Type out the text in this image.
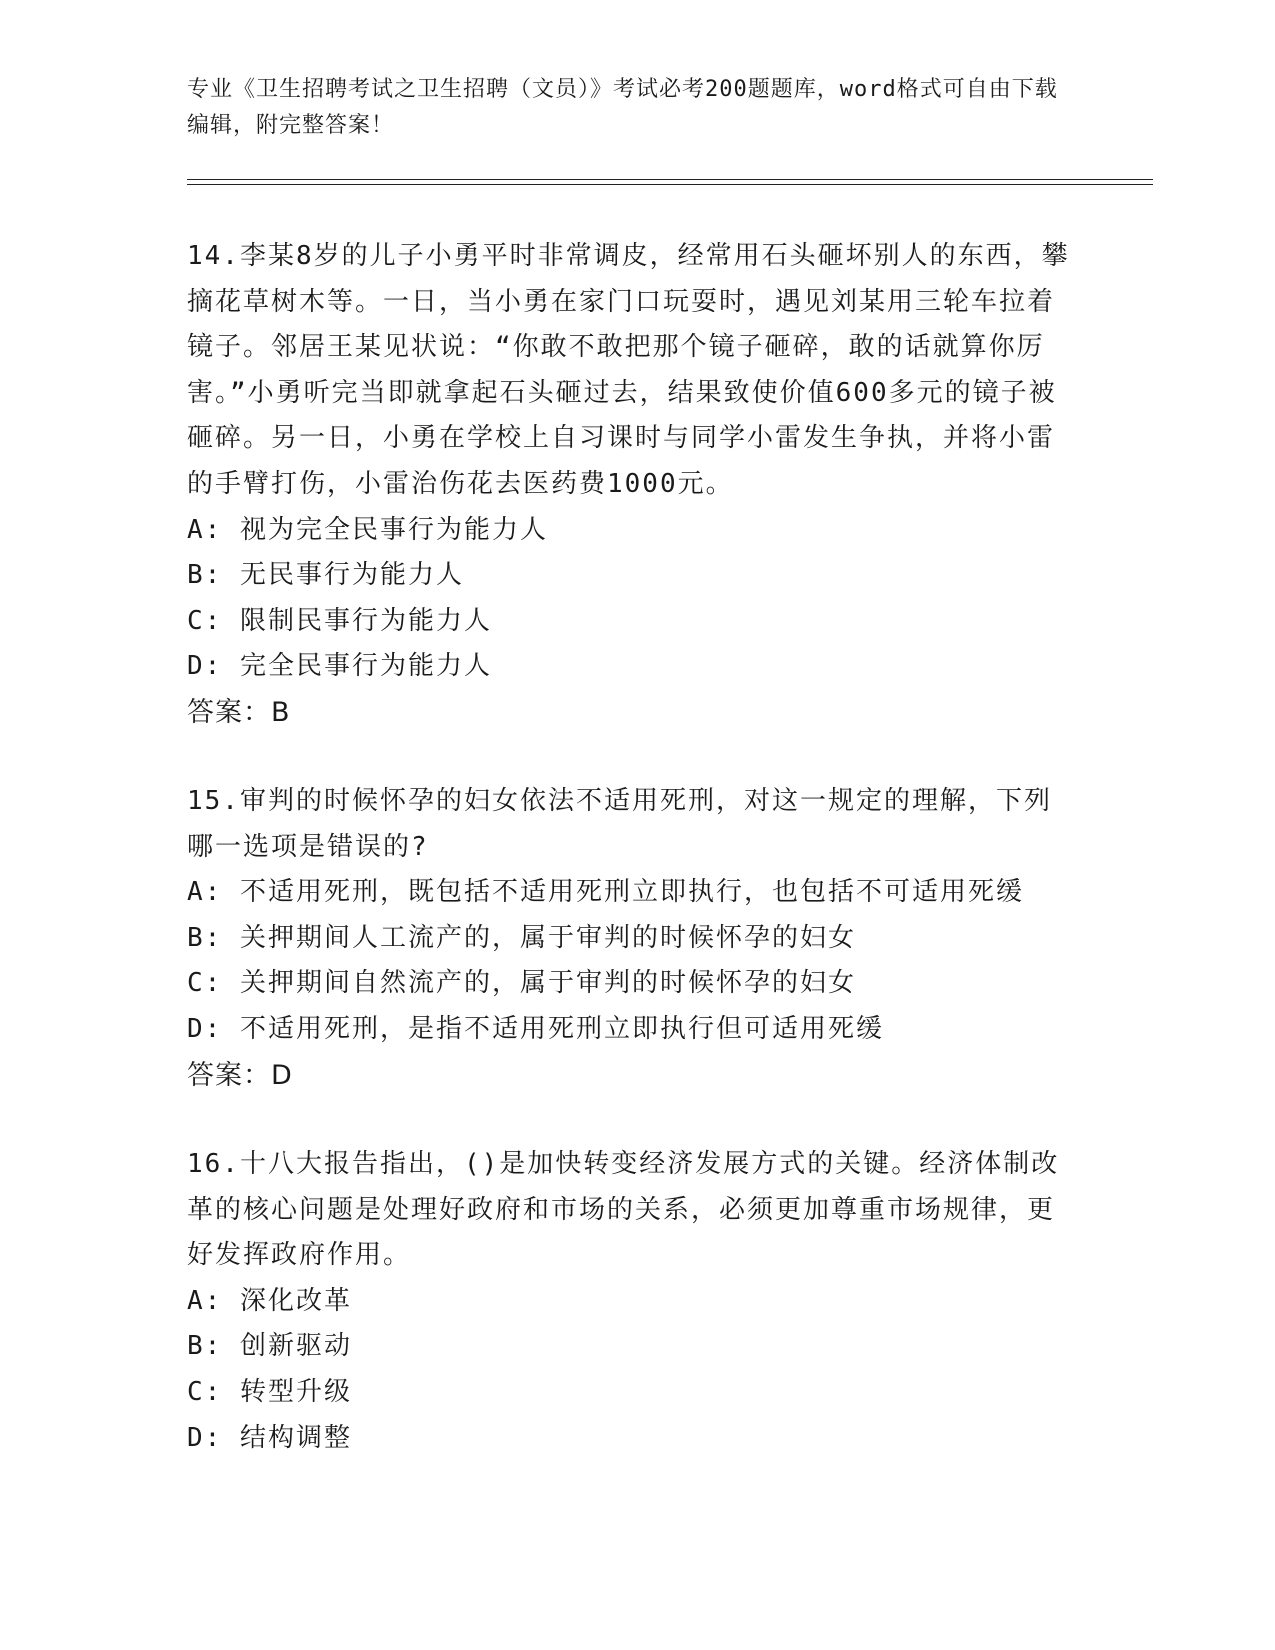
专业《卫生招聘考试之卫生招聘（文员）》考试必考200题题库，word格式可自由下载编辑，附完整答案！

14.李某8岁的儿子小勇平时非常调皮，经常用石头砸坏别人的东西，攀摘花草树木等。一日，当小勇在家门口玩耍时，遇见刘某用三轮车拉着镜子。邻居王某见状说：“你敢不敢把那个镜子砸碎，敢的话就算你厉害。”小勇听完当即就拿起石头砸过去，结果致使价值600多元的镜子被砸碎。另一日，小勇在学校上自习课时与同学小雷发生争执，并将小雷的手臂打伤，小雷治伤花去医药费1000元。

A: 视为完全民事行为能力人

B: 无民事行为能力人

C: 限制民事行为能力人

D: 完全民事行为能力人

答案：B

15.审判的时候怀孕的妇女依法不适用死刑，对这一规定的理解，下列哪一选项是错误的?

A: 不适用死刑，既包括不适用死刑立即执行，也包括不可适用死缓

B: 关押期间人工流产的，属于审判的时候怀孕的妇女

C: 关押期间自然流产的，属于审判的时候怀孕的妇女

D: 不适用死刑，是指不适用死刑立即执行但可适用死缓

答案：D

16.十八大报告指出，()是加快转变经济发展方式的关键。经济体制改革的核心问题是处理好政府和市场的关系，必须更加尊重市场规律，更好发挥政府作用。

A: 深化改革

B: 创新驱动

C: 转型升级

D: 结构调整
